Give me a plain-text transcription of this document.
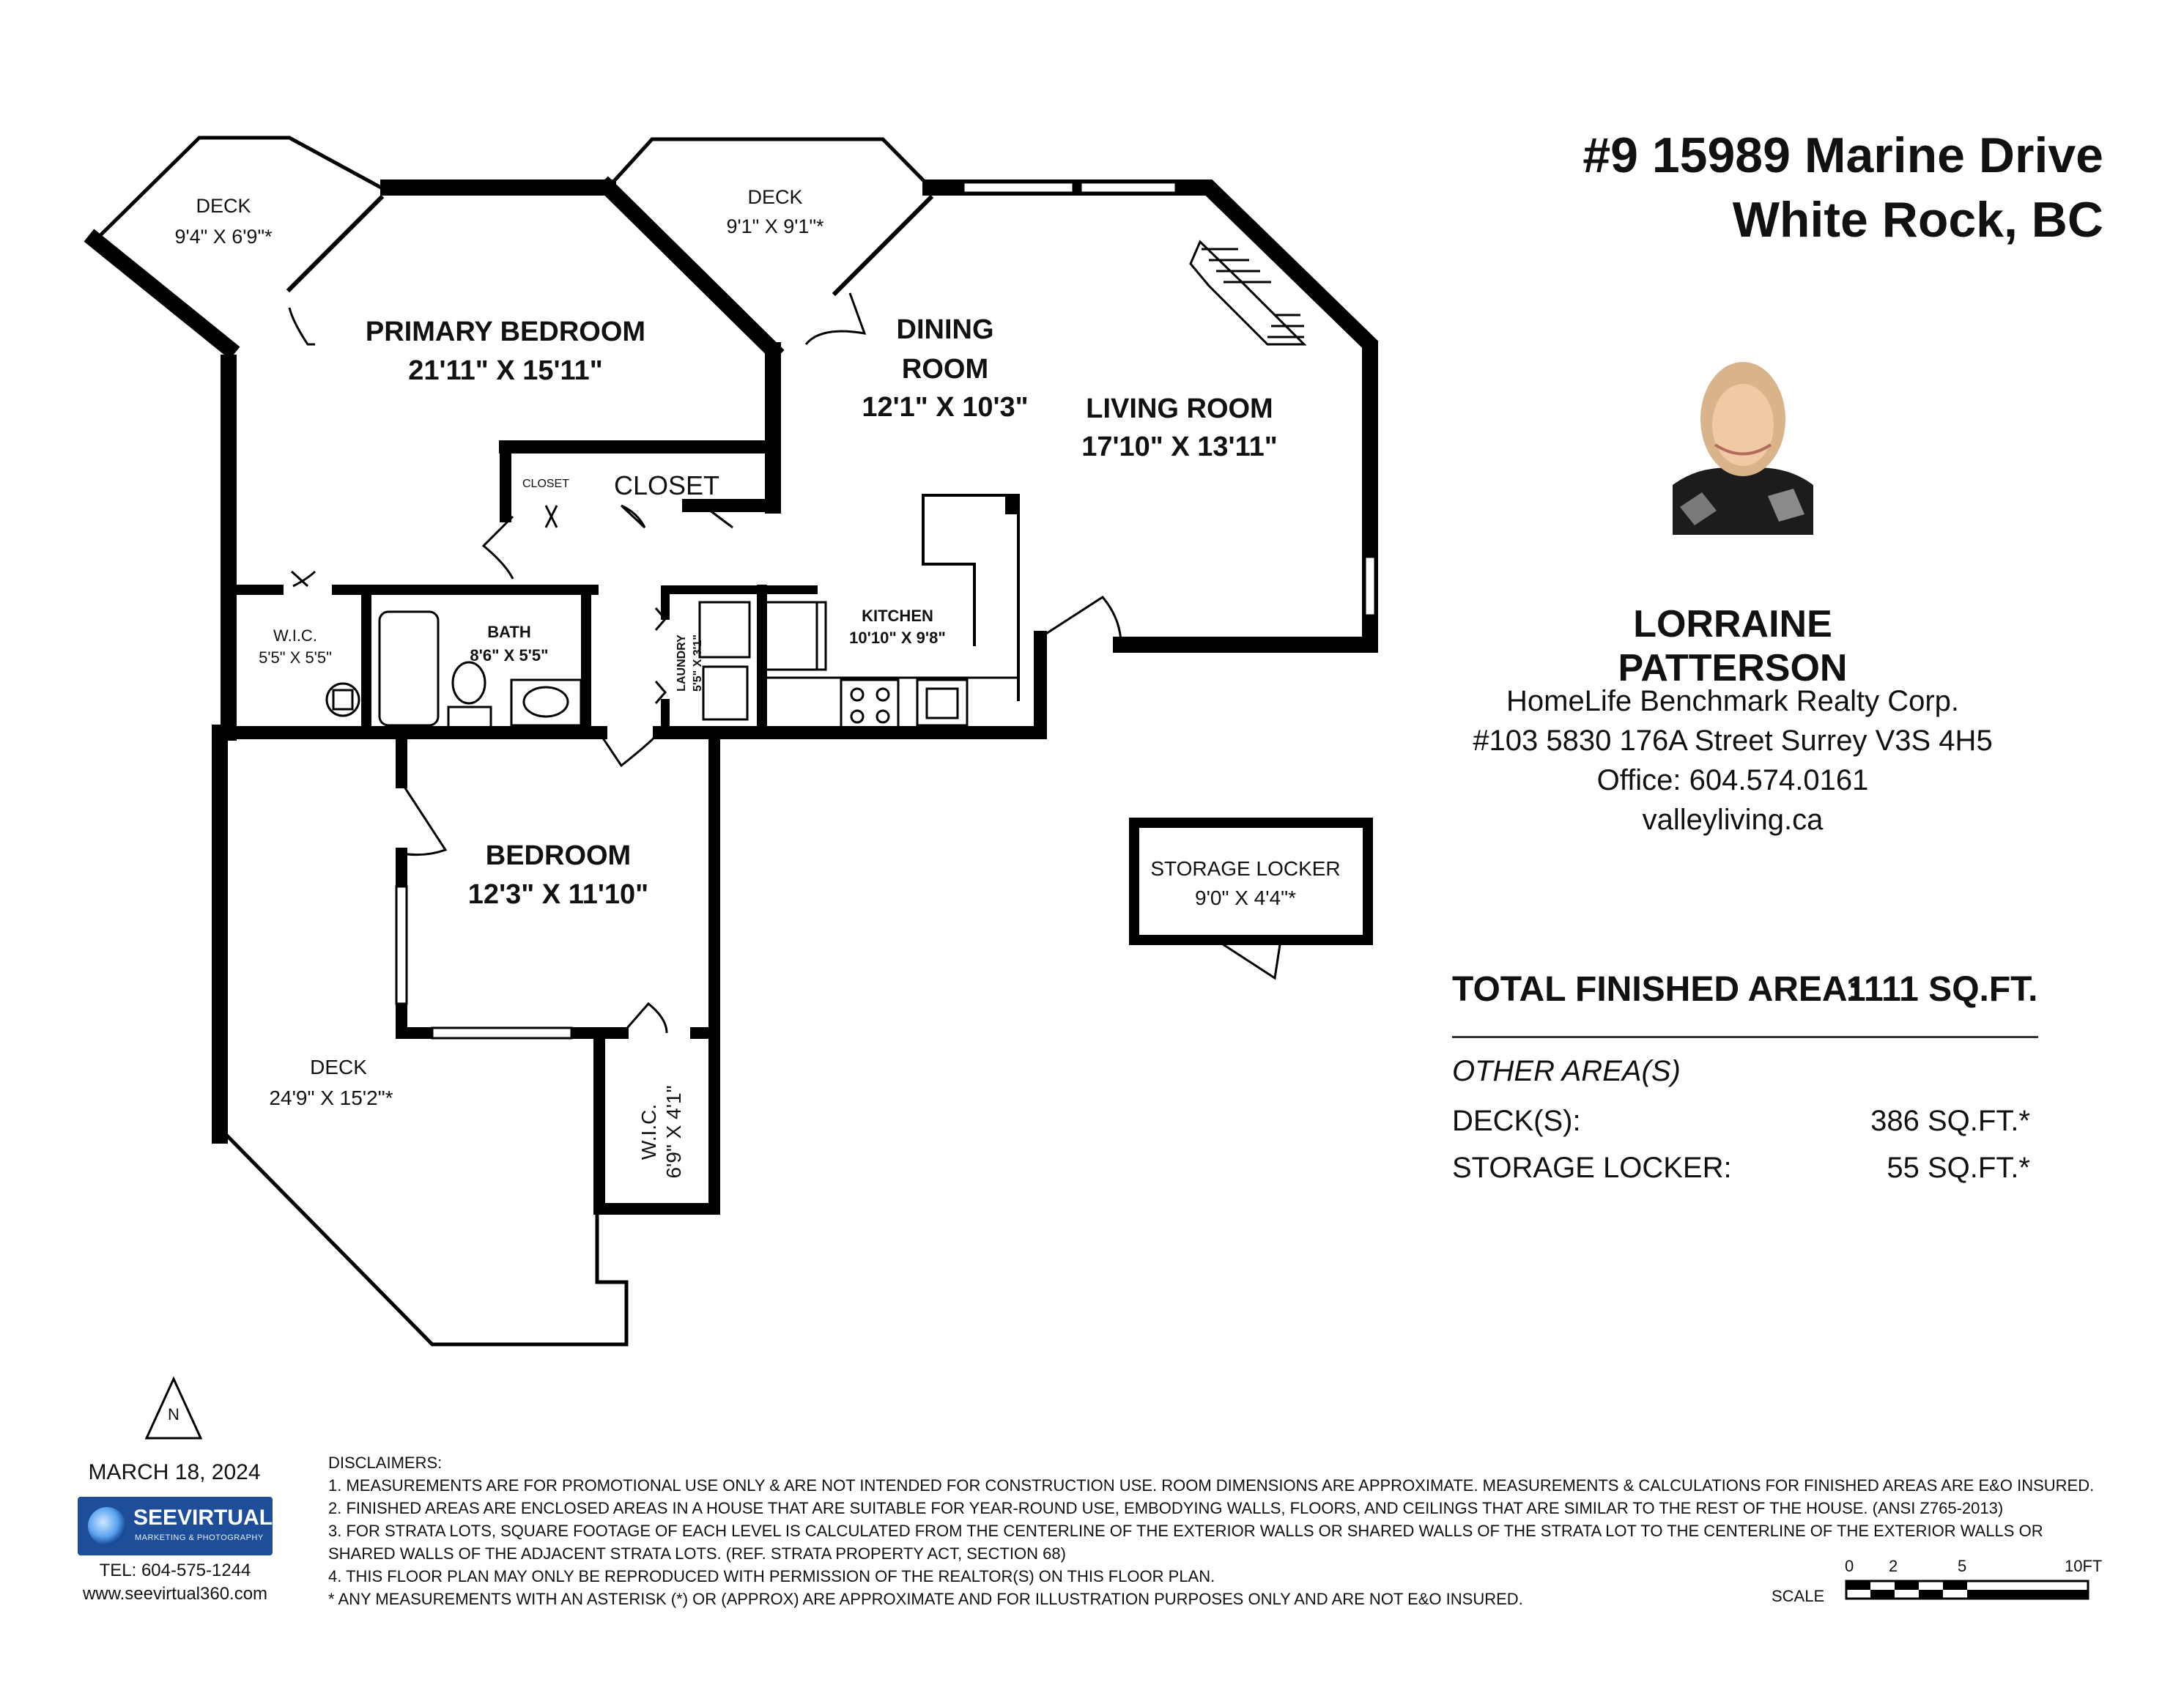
N
DECK
9'4" X 6'9"*
DECK
9'1" X 9'1"*
PRIMARY BEDROOM
21'11" X 15'11"
DINING
ROOM
12'1" X 10'3" LIVING ROOM
17'10" X 13'11"
CLOSET CLOSET
W.I.C.
5'5" X 5'5"
BATH
8'6" X 5'5"	LAUNDRY 5'5" X 3'1"
KITCHEN
10'10" X 9'8"
BEDROOM
12'3" X 11'10"
DECK
24'9" X 15'2"*
W.I.C. 6'9" X 4'1"
STORAGE LOCKER
9'0" X 4'4"*
0 2	5	10FT
SCALE
#9 15989 Marine Drive
White Rock, BC
LORRAINE PATTERSON
HomeLife Benchmark Realty Corp.
#103 5830 176A Street Surrey V3S 4H5
Office: 604.574.0161
valleyliving.ca
TOTAL FINISHED AREA:
1111 SQ.FT.
OTHER AREA(S)
DECK(S):	386 SQ.FT.*
STORAGE LOCKER:	55 SQ.FT.*
MARCH 18, 2024
SEEVIRTUAL
MARKETING & PHOTOGRAPHY
TEL: 604-575-1244
www.seevirtual360.com
DISCLAIMERS:
1. MEASUREMENTS ARE FOR PROMOTIONAL USE ONLY & ARE NOT INTENDED FOR CONSTRUCTION USE. ROOM DIMENSIONS ARE APPROXIMATE. MEASUREMENTS & CALCULATIONS FOR FINISHED AREAS ARE E&O INSURED.
2. FINISHED AREAS ARE ENCLOSED AREAS IN A HOUSE THAT ARE SUITABLE FOR YEAR-ROUND USE, EMBODYING WALLS, FLOORS, AND CEILINGS THAT ARE SIMILAR TO THE REST OF THE HOUSE. (ANSI Z765-2013)
3. FOR STRATA LOTS, SQUARE FOOTAGE OF EACH LEVEL IS CALCULATED FROM THE CENTERLINE OF THE EXTERIOR WALLS OR SHARED WALLS OF THE STRATA LOT TO THE CENTERLINE OF THE EXTERIOR WALLS OR
SHARED WALLS OF THE ADJACENT STRATA LOTS. (REF. STRATA PROPERTY ACT, SECTION 68)
4. THIS FLOOR PLAN MAY ONLY BE REPRODUCED WITH PERMISSION OF THE REALTOR(S) ON THIS FLOOR PLAN.
* ANY MEASUREMENTS WITH AN ASTERISK (*) OR (APPROX) ARE APPROXIMATE AND FOR ILLUSTRATION PURPOSES ONLY AND ARE NOT E&O INSURED.
